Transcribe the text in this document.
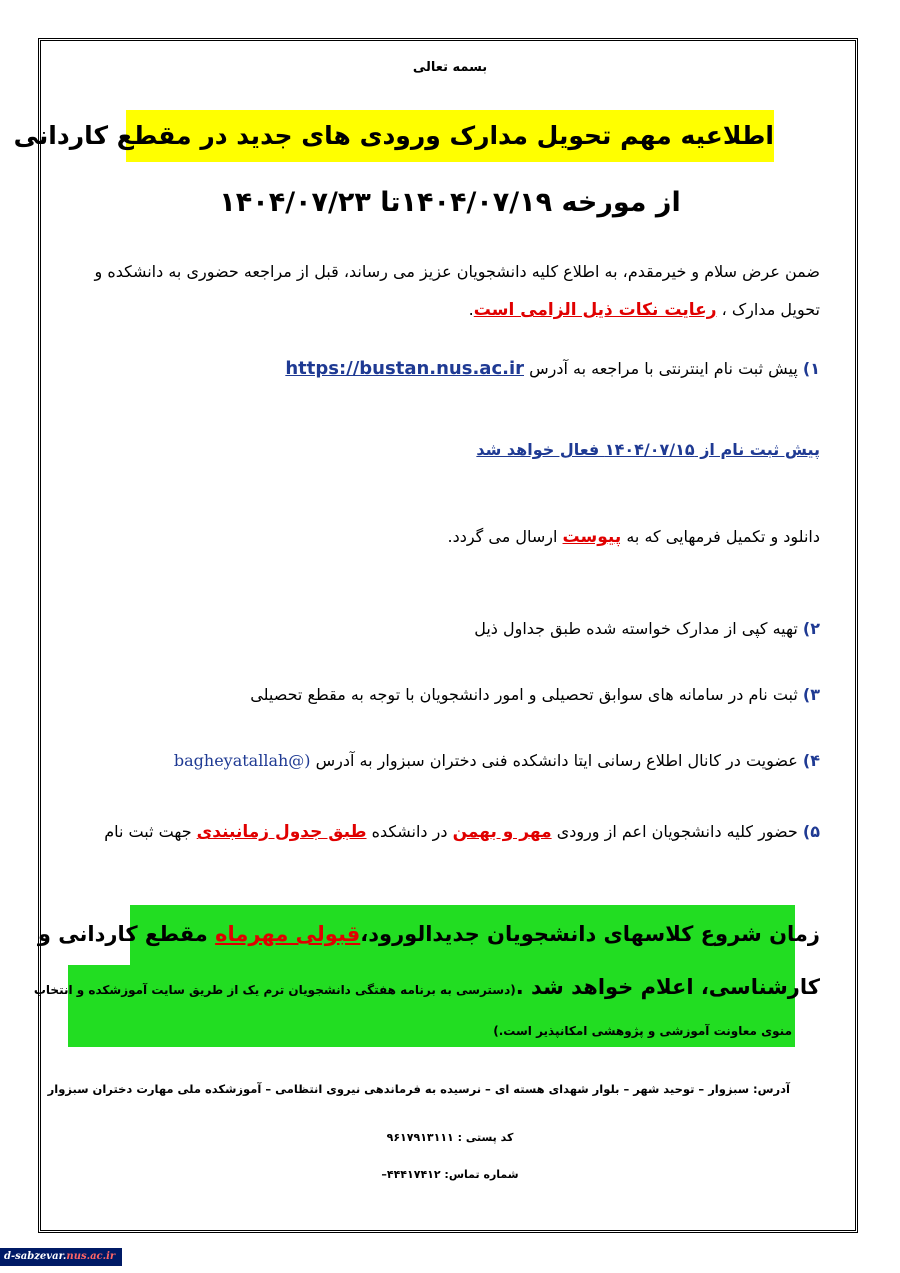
بسمه تعالی
اطلاعیه مهم تحویل مدارک ورودی های جدید در مقطع کاردانی
از مورخه ۱۴۰۴/۰۷/۱۹تا ۱۴۰۴/۰۷/۲۳
ضمن عرض سلام و خیرمقدم، به اطلاع کلیه دانشجویان عزیز می رساند، قبل از مراجعه حضوری به دانشکده و
تحویل مدارک ، رعایت نکات ذیل الزامی است.
۱) پیش ثبت نام اینترنتی با مراجعه به آدرس https://bustan.nus.ac.ir
پیش ثبت نام از ۱۴۰۴/۰۷/۱۵ فعال خواهد شد
دانلود و تکمیل فرمهایی که به پیوست ارسال می گردد.
۲) تهیه کپی از مدارک خواسته شده طبق جداول ذیل
۳) ثبت نام در سامانه های سوابق تحصیلی و امور دانشجویان با توجه به مقطع تحصیلی
۴) عضویت در کانال اطلاع رسانی ایتا دانشکده فنی دختران سبزوار به آدرس (@bagheyatallah
۵) حضور کلیه دانشجویان اعم از ورودی مهر و بهمن در دانشکده طبق جدول زمانبندی جهت ثبت نام
زمان شروع کلاسهای دانشجویان جدیدالورود،قبولی مهرماه مقطع کاردانی و
کارشناسی، اعلام خواهد شد .(دسترسی به برنامه هفتگی دانشجویان ترم یک از طریق سایت آموزشکده و انتخاب
منوی معاونت آموزشی و پژوهشی امکانپذیر است.)
آدرس: سبزوار – توحید شهر – بلوار شهدای هسته ای – نرسیده به فرماندهی نیروی انتظامی – آموزشکده ملی مهارت دختران سبزوار
کد پستی : ۹۶۱۷۹۱۳۱۱۱
شماره تماس: ۴۴۴۱۷۴۱۲–
d-sabzevar.nus.ac.ir
